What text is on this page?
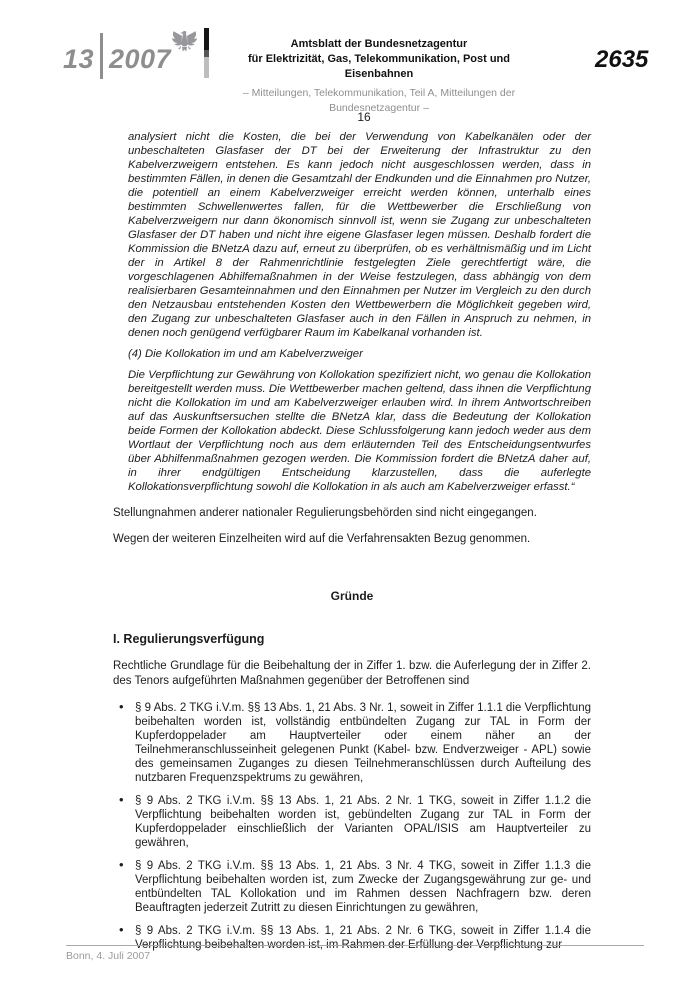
13 2007	Amtsblatt der Bundesnetzagentur
für Elektrizität, Gas, Telekommunikation, Post und Eisenbahnen
– Mitteilungen, Telekommunikation, Teil A, Mitteilungen der Bundesnetzagentur –
2635
16

analysiert nicht die Kosten, die bei der Verwendung von Kabelkanälen oder der unbeschalteten Glasfaser der DT bei der Erweiterung der Infrastruktur zu den Kabelverzweigern entstehen. Es kann jedoch nicht ausgeschlossen werden, dass in bestimmten Fällen, in denen die Gesamtzahl der Endkunden und die Einnahmen pro Nutzer, die potentiell an einem Kabelverzweiger erreicht werden können, unterhalb eines bestimmten Schwellenwertes fallen, für die Wettbewerber die Erschließung von Kabelverzweigern nur dann ökonomisch sinnvoll ist, wenn sie Zugang zur unbeschalteten Glasfaser der DT haben und nicht ihre eigene Glasfaser legen müssen. Deshalb fordert die Kommission die BNetzA dazu auf, erneut zu überprüfen, ob es verhältnismäßig und im Licht der in Artikel 8 der Rahmenrichtlinie festgelegten Ziele gerechtfertigt wäre, die vorgeschlagenen Abhilfemaßnahmen in der Weise festzulegen, dass abhängig von dem realisierbaren Gesamteinnahmen und den Einnahmen per Nutzer im Vergleich zu den durch den Netzausbau entstehenden Kosten den Wettbewerbern die Möglichkeit gegeben wird, den Zugang zur unbeschalteten Glasfaser auch in den Fällen in Anspruch zu nehmen, in denen noch genügend verfügbarer Raum im Kabelkanal vorhanden ist.

(4) Die Kollokation im und am Kabelverzweiger

Die Verpflichtung zur Gewährung von Kollokation spezifiziert nicht, wo genau die Kollokation bereitgestellt werden muss. Die Wettbewerber machen geltend, dass ihnen die Verpflichtung nicht die Kollokation im und am Kabelverzweiger erlauben wird. In ihrem Antwortschreiben auf das Auskunftsersuchen stellte die BNetzA klar, dass die Bedeutung der Kollokation beide Formen der Kollokation abdeckt. Diese Schlussfolgerung kann jedoch weder aus dem Wortlaut der Verpflichtung noch aus dem erläuternden Teil des Entscheidungsentwurfes über Abhilfenmaßnahmen gezogen werden. Die Kommission fordert die BNetzA daher auf, in ihrer endgültigen Entscheidung klarzustellen, dass die auferlegte Kollokationsverpflichtung sowohl die Kollokation in als auch am Kabelverzweiger erfasst.“

Stellungnahmen anderer nationaler Regulierungsbehörden sind nicht eingegangen.

Wegen der weiteren Einzelheiten wird auf die Verfahrensakten Bezug genommen.

Gründe
I. Regulierungsverfügung

Rechtliche Grundlage für die Beibehaltung der in Ziffer 1. bzw. die Auferlegung der in Ziffer 2. des Tenors aufgeführten Maßnahmen gegenüber der Betroffenen sind

• § 9 Abs. 2 TKG i.V.m. §§ 13 Abs. 1, 21 Abs. 3 Nr. 1, soweit in Ziffer 1.1.1 die Verpflichtung beibehalten worden ist, vollständig entbündelten Zugang zur TAL in Form der Kupferdoppelader am Hauptverteiler oder einem näher an der Teilnehmeranschlusseinheit gelegenen Punkt (Kabel- bzw. Endverzweiger - APL) sowie des gemeinsamen Zuganges zu diesen Teilnehmeranschlüssen durch Aufteilung des nutzbaren Frequenzspektrums zu gewähren,
• § 9 Abs. 2 TKG i.V.m. §§ 13 Abs. 1, 21 Abs. 2 Nr. 1 TKG, soweit in Ziffer 1.1.2 die Verpflichtung beibehalten worden ist, gebündelten Zugang zur TAL in Form der Kupferdoppelader einschließlich der Varianten OPAL/ISIS am Hauptverteiler zu gewähren,
• § 9 Abs. 2 TKG i.V.m. §§ 13 Abs. 1, 21 Abs. 3 Nr. 4 TKG, soweit in Ziffer 1.1.3 die Verpflichtung beibehalten worden ist, zum Zwecke der Zugangsgewährung zur ge- und entbündelten TAL Kollokation und im Rahmen dessen Nachfragern bzw. deren Beauftragten jederzeit Zutritt zu diesen Einrichtungen zu gewähren,
• § 9 Abs. 2 TKG i.V.m. §§ 13 Abs. 1, 21 Abs. 2 Nr. 6 TKG, soweit in Ziffer 1.1.4 die Verpflichtung beibehalten worden ist, im Rahmen der Erfüllung der Verpflichtung zur
Bonn, 4. Juli 2007
